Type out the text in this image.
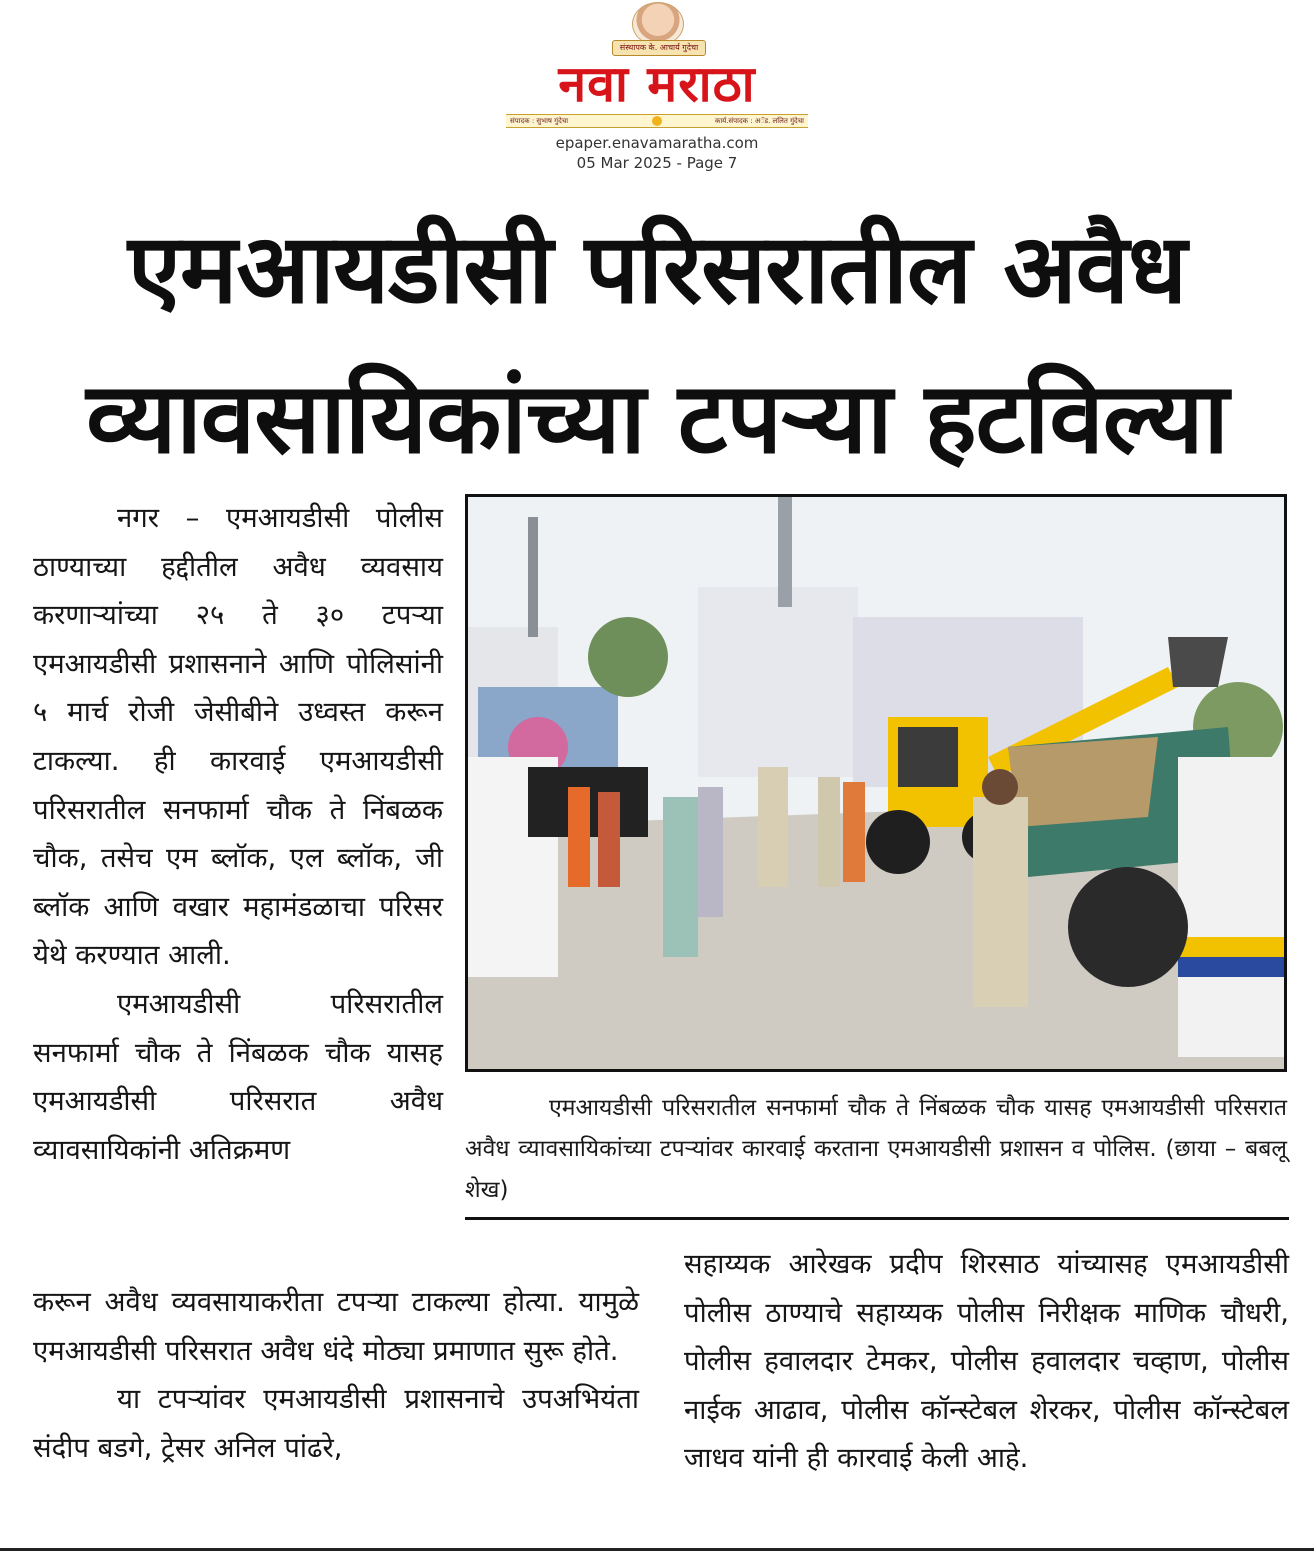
संस्थापक के. आचार्य गुदेचा
नवा मराठा
संपादक : सुभाष गुंदेचा	कार्य.संपादक : अॅड. ललित गुंदेचा
epaper.enavamaratha.com
05 Mar 2025 - Page 7
एमआयडीसी परिसरातील अवैध
व्यावसायिकांच्या टपऱ्या हटविल्या

नगर – एमआयडीसी पोलीस ठाण्याच्या हद्दीतील अवैध व्यवसाय करणाऱ्यांच्या २५ ते ३० टपऱ्या एमआयडीसी प्रशासनाने आणि पोलिसांनी ५ मार्च रोजी जेसीबीने उध्वस्त करून टाकल्या. ही कारवाई एमआयडीसी परिसरातील सनफार्मा चौक ते निंबळक चौक, तसेच एम ब्लॉक, एल ब्लॉक, जी ब्लॉक आणि वखार महामंडळाचा परिसर येथे करण्यात आली.

एमआयडीसी परिसरातील सनफार्मा चौक ते निंबळक चौक यासह एमआयडीसी परिसरात अवैध व्यावसायिकांनी अतिक्रमण

एमआयडीसी परिसरातील सनफार्मा चौक ते निंबळक चौक यासह एमआयडीसी परिसरात अवैध व्यावसायिकांच्या टपऱ्यांवर कारवाई करताना एमआयडीसी प्रशासन व पोलिस. (छाया – बबलू शेख)

करून अवैध व्यवसायाकरीता टपऱ्या टाकल्या होत्या. यामुळे एमआयडीसी परिसरात अवैध धंदे मोठ्या प्रमाणात सुरू होते.

या टपऱ्यांवर एमआयडीसी प्रशासनाचे उपअभियंता संदीप बडगे, ट्रेसर अनिल पांढरे,

सहाय्यक आरेखक प्रदीप शिरसाठ यांच्यासह एमआयडीसी पोलीस ठाण्याचे सहाय्यक पोलीस निरीक्षक माणिक चौधरी, पोलीस हवालदार टेमकर, पोलीस हवालदार चव्हाण, पोलीस नाईक आढाव, पोलीस कॉन्स्टेबल शेरकर, पोलीस कॉन्स्टेबल जाधव यांनी ही कारवाई केली आहे.
